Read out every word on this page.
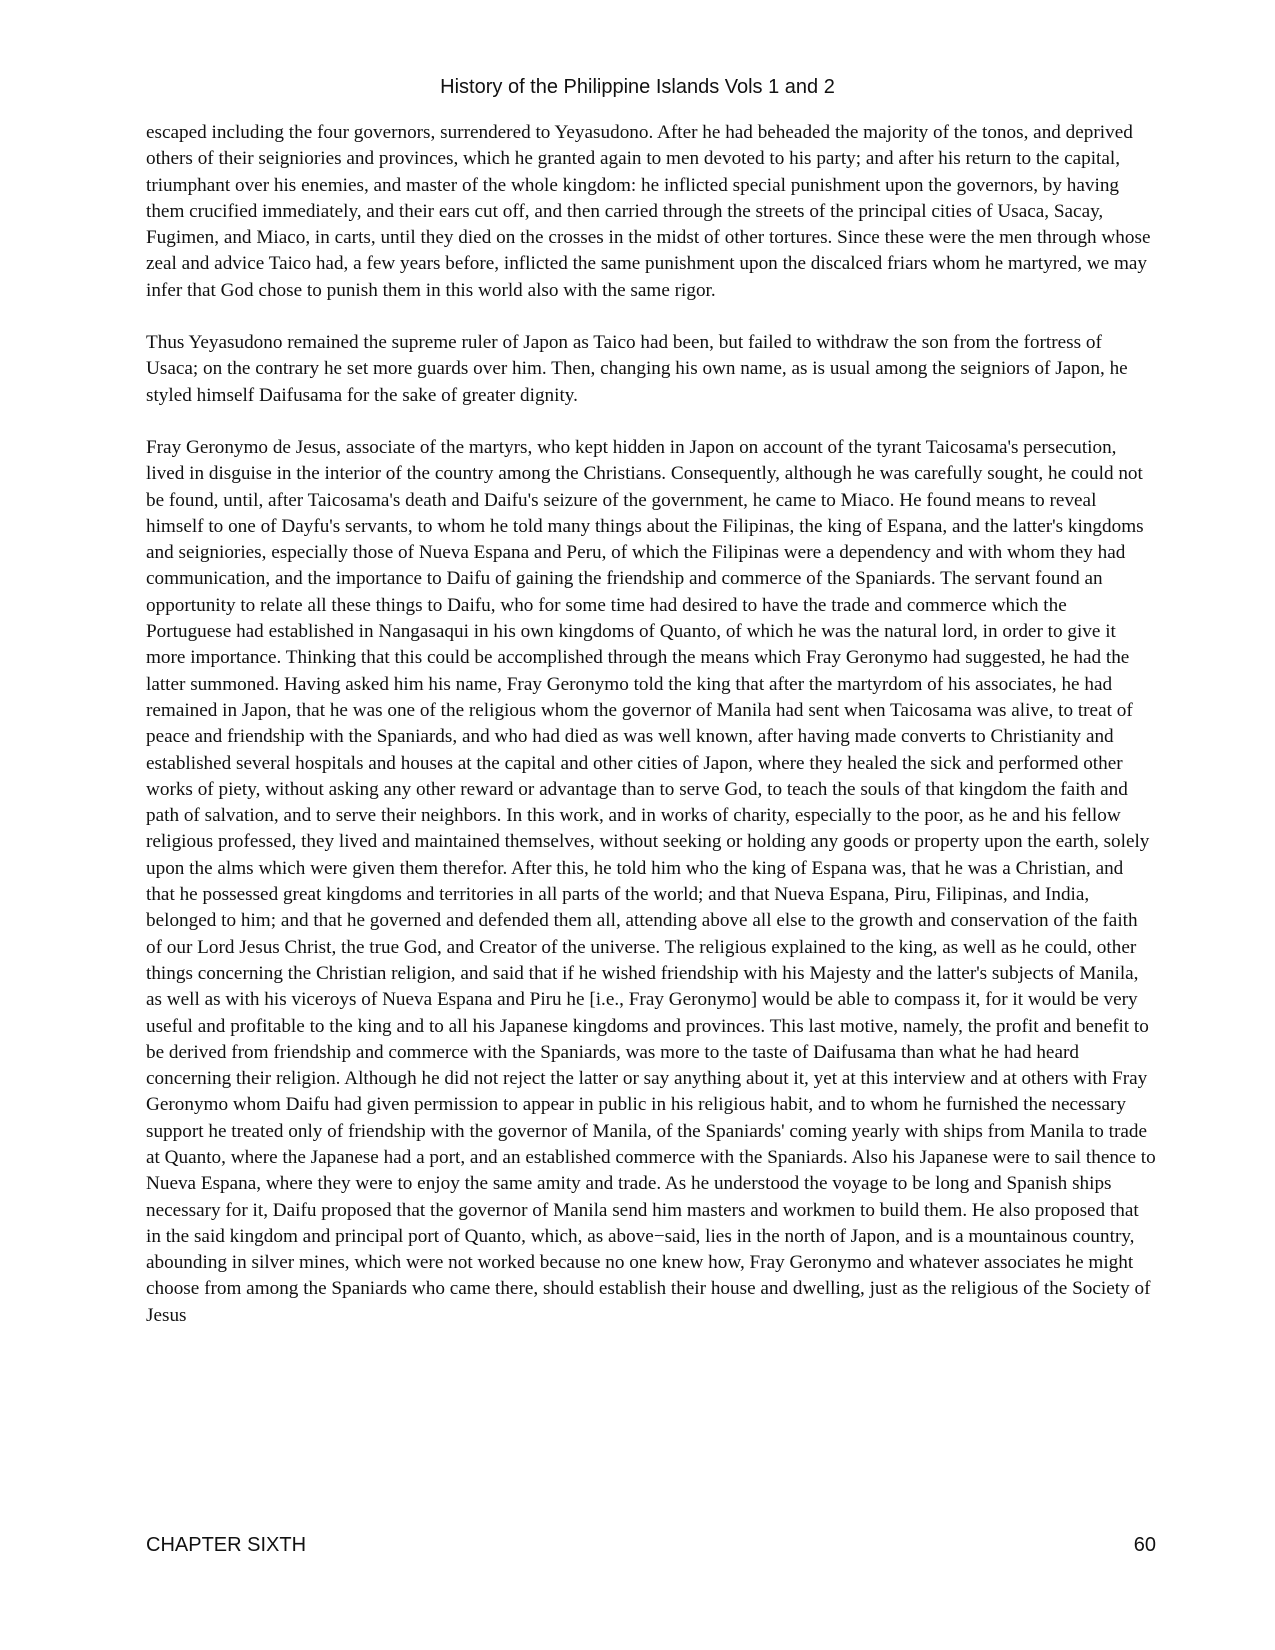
History of the Philippine Islands Vols 1 and 2

escaped including the four governors, surrendered to Yeyasudono. After he had beheaded the majority of the tonos, and deprived others of their seigniories and provinces, which he granted again to men devoted to his party; and after his return to the capital, triumphant over his enemies, and master of the whole kingdom: he inflicted special punishment upon the governors, by having them crucified immediately, and their ears cut off, and then carried through the streets of the principal cities of Usaca, Sacay, Fugimen, and Miaco, in carts, until they died on the crosses in the midst of other tortures. Since these were the men through whose zeal and advice Taico had, a few years before, inflicted the same punishment upon the discalced friars whom he martyred, we may infer that God chose to punish them in this world also with the same rigor.

Thus Yeyasudono remained the supreme ruler of Japon as Taico had been, but failed to withdraw the son from the fortress of Usaca; on the contrary he set more guards over him. Then, changing his own name, as is usual among the seigniors of Japon, he styled himself Daifusama for the sake of greater dignity.

Fray Geronymo de Jesus, associate of the martyrs, who kept hidden in Japon on account of the tyrant Taicosama's persecution, lived in disguise in the interior of the country among the Christians. Consequently, although he was carefully sought, he could not be found, until, after Taicosama's death and Daifu's seizure of the government, he came to Miaco. He found means to reveal himself to one of Dayfu's servants, to whom he told many things about the Filipinas, the king of Espana, and the latter's kingdoms and seigniories, especially those of Nueva Espana and Peru, of which the Filipinas were a dependency and with whom they had communication, and the importance to Daifu of gaining the friendship and commerce of the Spaniards. The servant found an opportunity to relate all these things to Daifu, who for some time had desired to have the trade and commerce which the Portuguese had established in Nangasaqui in his own kingdoms of Quanto, of which he was the natural lord, in order to give it more importance. Thinking that this could be accomplished through the means which Fray Geronymo had suggested, he had the latter summoned. Having asked him his name, Fray Geronymo told the king that after the martyrdom of his associates, he had remained in Japon, that he was one of the religious whom the governor of Manila had sent when Taicosama was alive, to treat of peace and friendship with the Spaniards, and who had died as was well known, after having made converts to Christianity and established several hospitals and houses at the capital and other cities of Japon, where they healed the sick and performed other works of piety, without asking any other reward or advantage than to serve God, to teach the souls of that kingdom the faith and path of salvation, and to serve their neighbors. In this work, and in works of charity, especially to the poor, as he and his fellow religious professed, they lived and maintained themselves, without seeking or holding any goods or property upon the earth, solely upon the alms which were given them therefor. After this, he told him who the king of Espana was, that he was a Christian, and that he possessed great kingdoms and territories in all parts of the world; and that Nueva Espana, Piru, Filipinas, and India, belonged to him; and that he governed and defended them all, attending above all else to the growth and conservation of the faith of our Lord Jesus Christ, the true God, and Creator of the universe. The religious explained to the king, as well as he could, other things concerning the Christian religion, and said that if he wished friendship with his Majesty and the latter's subjects of Manila, as well as with his viceroys of Nueva Espana and Piru he [i.e., Fray Geronymo] would be able to compass it, for it would be very useful and profitable to the king and to all his Japanese kingdoms and provinces. This last motive, namely, the profit and benefit to be derived from friendship and commerce with the Spaniards, was more to the taste of Daifusama than what he had heard concerning their religion. Although he did not reject the latter or say anything about it, yet at this interview and at others with Fray Geronymo whom Daifu had given permission to appear in public in his religious habit, and to whom he furnished the necessary support he treated only of friendship with the governor of Manila, of the Spaniards' coming yearly with ships from Manila to trade at Quanto, where the Japanese had a port, and an established commerce with the Spaniards. Also his Japanese were to sail thence to Nueva Espana, where they were to enjoy the same amity and trade. As he understood the voyage to be long and Spanish ships necessary for it, Daifu proposed that the governor of Manila send him masters and workmen to build them. He also proposed that in the said kingdom and principal port of Quanto, which, as above−said, lies in the north of Japon, and is a mountainous country, abounding in silver mines, which were not worked because no one knew how, Fray Geronymo and whatever associates he might choose from among the Spaniards who came there, should establish their house and dwelling, just as the religious of the Society of Jesus

CHAPTER SIXTH	60
